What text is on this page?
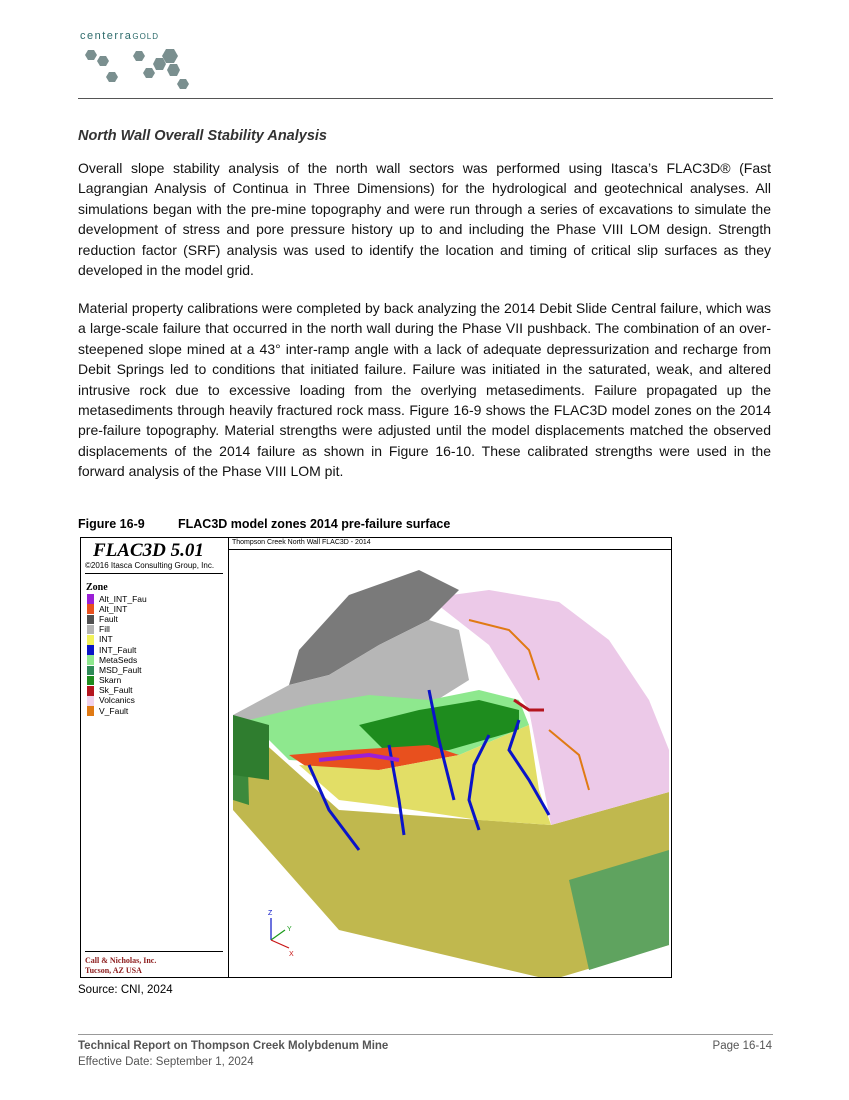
centerraGOLD
North Wall Overall Stability Analysis
Overall slope stability analysis of the north wall sectors was performed using Itasca’s FLAC3D® (Fast Lagrangian Analysis of Continua in Three Dimensions) for the hydrological and geotechnical analyses. All simulations began with the pre-mine topography and were run through a series of excavations to simulate the development of stress and pore pressure history up to and including the Phase VIII LOM design. Strength reduction factor (SRF) analysis was used to identify the location and timing of critical slip surfaces as they developed in the model grid.
Material property calibrations were completed by back analyzing the 2014 Debit Slide Central failure, which was a large-scale failure that occurred in the north wall during the Phase VII pushback. The combination of an over-steepened slope mined at a 43° inter-ramp angle with a lack of adequate depressurization and recharge from Debit Springs led to conditions that initiated failure. Failure was initiated in the saturated, weak, and altered intrusive rock due to excessive loading from the overlying metasediments. Failure propagated up the metasediments through heavily fractured rock mass. Figure 16-9 shows the FLAC3D model zones on the 2014 pre-failure topography. Material strengths were adjusted until the model displacements matched the observed displacements of the 2014 failure as shown in Figure 16-10. These calibrated strengths were used in the forward analysis of the Phase VIII LOM pit.
Figure 16-9	FLAC3D model zones 2014 pre-failure surface
FLAC3D 5.01
©2016 Itasca Consulting Group, Inc.
Zone
Alt_INT_Fau
Alt_INT
Fault
Fill
INT
INT_Fault
MetaSeds
MSD_Fault
Skarn
Sk_Fault
Volcanics
V_Fault
Call & Nicholas, Inc.
Tucson, AZ USA
Thompson Creek North Wall FLAC3D - 2014
Z
Y
X
Source: CNI, 2024
Technical Report on Thompson Creek Molybdenum Mine
Effective Date: September 1, 2024
Page 16-14
